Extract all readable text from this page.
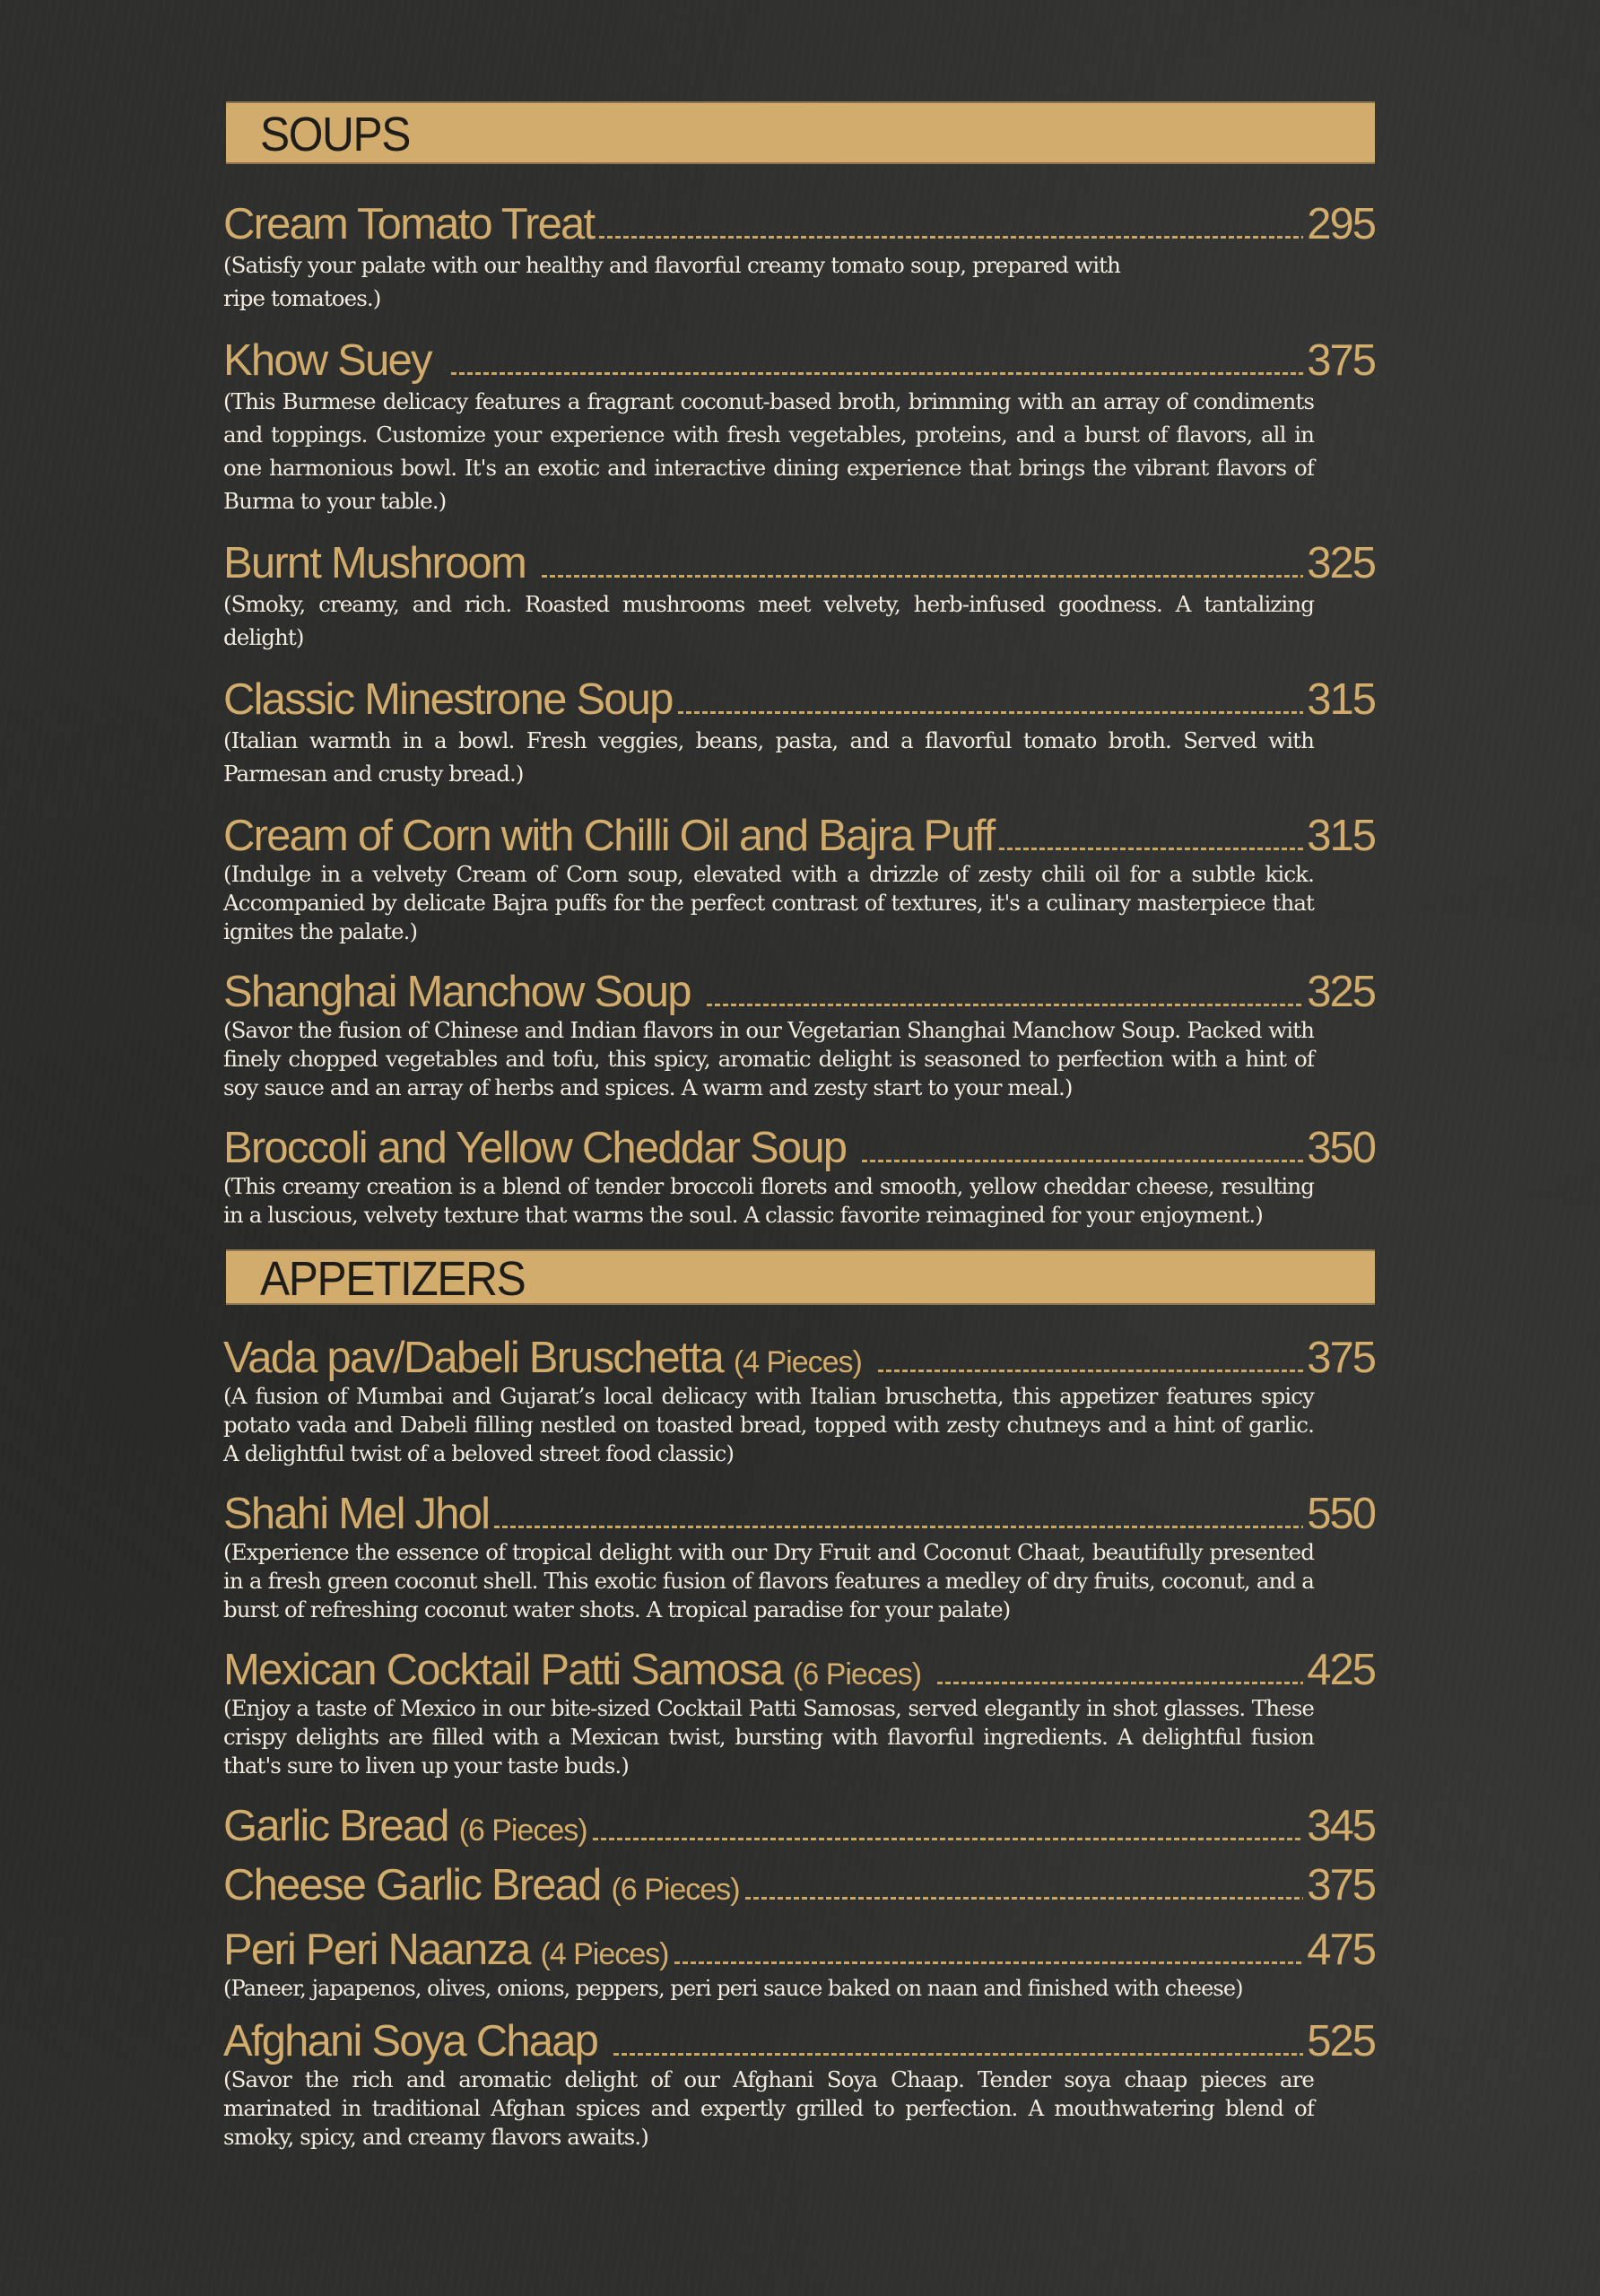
SOUPS
Cream Tomato Treat	295
(Satisfy your palate with our healthy and flavorful creamy tomato soup, prepared with ripe tomatoes.)
Khow Suey	375
(This Burmese delicacy features a fragrant coconut-based broth, brimming with an array of condiments and toppings. Customize your experience with fresh vegetables, proteins, and a burst of flavors, all in one harmonious bowl. It's an exotic and interactive dining experience that brings the vibrant flavors of Burma to your table.)
Burnt Mushroom	325
(Smoky, creamy, and rich. Roasted mushrooms meet velvety, herb-infused goodness. A tantalizing delight)
Classic Minestrone Soup	315
(Italian warmth in a bowl. Fresh veggies, beans, pasta, and a flavorful tomato broth. Served with Parmesan and crusty bread.)
Cream of Corn with Chilli Oil and Bajra Puff	315
(Indulge in a velvety Cream of Corn soup, elevated with a drizzle of zesty chili oil for a subtle kick. Accompanied by delicate Bajra puffs for the perfect contrast of textures, it's a culinary masterpiece that ignites the palate.)
Shanghai Manchow Soup	325
(Savor the fusion of Chinese and Indian flavors in our Vegetarian Shanghai Manchow Soup. Packed with finely chopped vegetables and tofu, this spicy, aromatic delight is seasoned to perfection with a hint of soy sauce and an array of herbs and spices. A warm and zesty start to your meal.)
Broccoli and Yellow Cheddar Soup	350
(This creamy creation is a blend of tender broccoli florets and smooth, yellow cheddar cheese, resulting in a luscious, velvety texture that warms the soul. A classic favorite reimagined for your enjoyment.)
APPETIZERS
Vada pav/Dabeli Bruschetta (4 Pieces)	375
(A fusion of Mumbai and Gujarat’s local delicacy with Italian bruschetta, this appetizer features spicy potato vada and Dabeli filling nestled on toasted bread, topped with zesty chutneys and a hint of garlic. A delightful twist of a beloved street food classic)
Shahi Mel Jhol	550
(Experience the essence of tropical delight with our Dry Fruit and Coconut Chaat, beautifully presented in a fresh green coconut shell. This exotic fusion of flavors features a medley of dry fruits, coconut, and a burst of refreshing coconut water shots. A tropical paradise for your palate)
Mexican Cocktail Patti Samosa (6 Pieces)	425
(Enjoy a taste of Mexico in our bite-sized Cocktail Patti Samosas, served elegantly in shot glasses. These crispy delights are filled with a Mexican twist, bursting with flavorful ingredients. A delightful fusion that's sure to liven up your taste buds.)
Garlic Bread (6 Pieces)	345
Cheese Garlic Bread (6 Pieces)	375
Peri Peri Naanza (4 Pieces)	475
(Paneer, japapenos, olives, onions, peppers, peri peri sauce baked on naan and finished with cheese)
Afghani Soya Chaap	525
(Savor the rich and aromatic delight of our Afghani Soya Chaap. Tender soya chaap pieces are marinated in traditional Afghan spices and expertly grilled to perfection. A mouthwatering blend of smoky, spicy, and creamy flavors awaits.)
